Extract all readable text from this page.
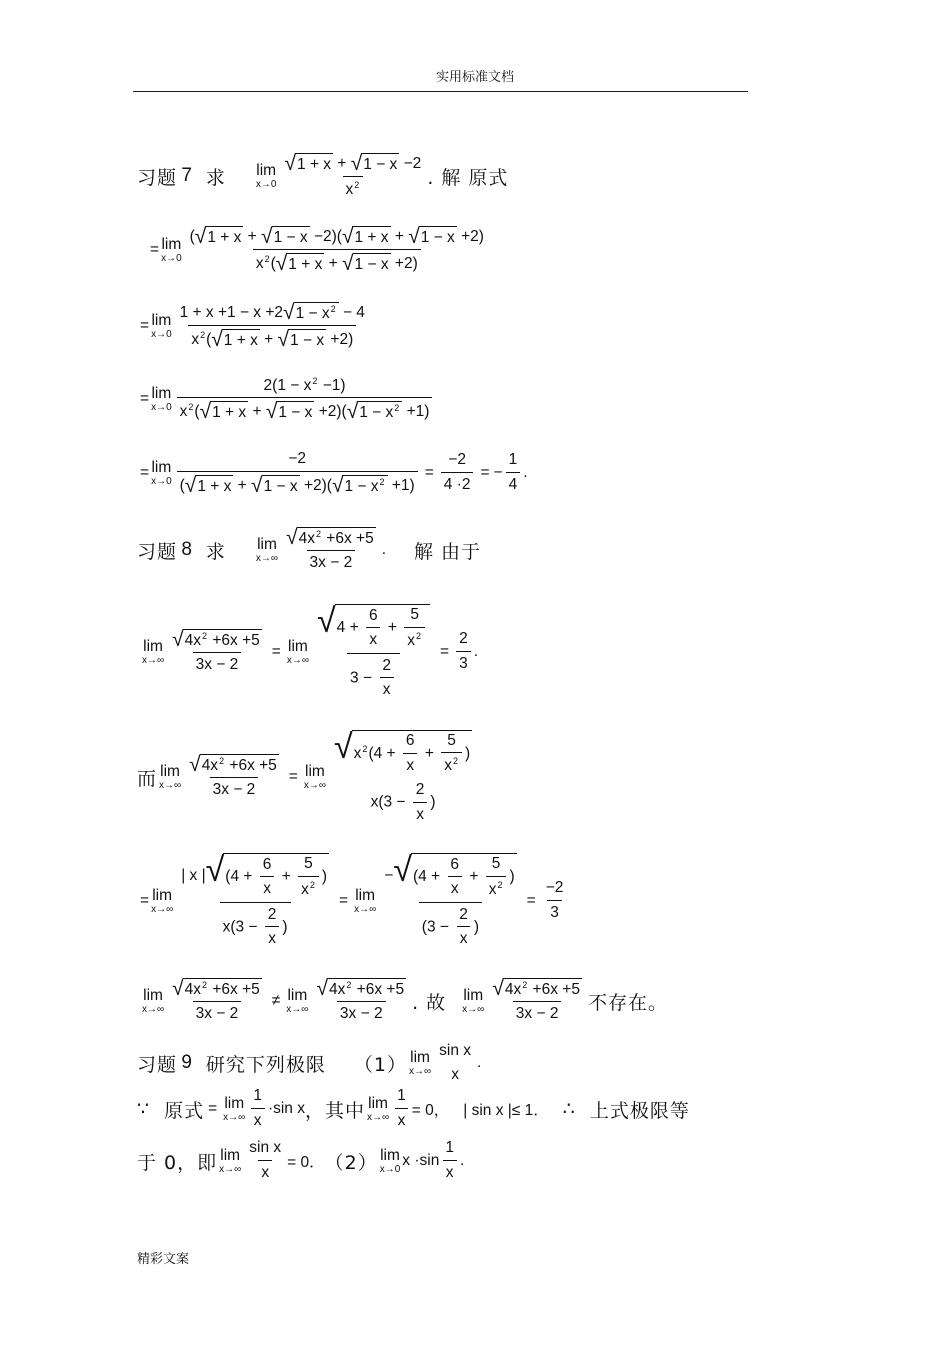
实用标准文档
习题
7 求 lim
$x\to 0 \frac{√ 1 + x + √ 1 - x -2}{x^2}$ . 解 原式
= lim
$x\to 0 \frac{( √ 1 + x + √ 1 - x -2)( √ 1 + x + √ 1 - x +2)}{x^2( √ 1 + x + √ 1 - x +2)}$
= lim
$x\to 0 \frac{1 + x +1 - x +2 √ 1 - x^2 - 4}{x^2( √ 1 + x + √ 1 - x +2)}$
= lim
$x\to 0 \frac{2(1 - x^2 -1)}{x^2( √ 1 + x + √ 1 - x +2)( √ 1 - x^2 +1)}$
= lim
$x\to 0 \frac{-2}{( √ 1 + x + √ 1 - x +2)( √ 1 - x^2 +1)} = \frac{-2}{4 \cdot 2}$ = − $\frac{1}{4}$ .
习题
8 求 lim
$x\to\infty \frac{√ 4x^2 +6x +5}{3x - 2}$ . 解 由于
lim
$x\to\infty \frac{√ 4x^2 +6x +5}{3x - 2} = \lim$
$x\to\infty \frac{√ 4 + \frac{6}{x} + \frac{5}{x^2}}{3 - \frac{2}{x}} = \frac{2}{3}$ .
而 lim
$x\to\infty \frac{√ 4x^2 +6x +5}{3x - 2} = \lim$
x→∞
√ $x^2(4 + \frac{6}{x} + \frac{5}{x^2}$ )
$x(3 - \frac{2}{x}$ )
= lim
$x\to\infty \frac{| x | √ (4 + \frac{6}{x} + \frac{5}{x^2} )}{x(3 - \frac{2}{x} )} = \lim$
$x\to\infty \frac{- √ (4 + \frac{6}{x} + \frac{5}{x^2} )}{(3 - \frac{2}{x} )} = \frac{-2}{3}$
lim
$x\to\infty \frac{√ 4x^2 +6x +5}{3x - 2} \ne \lim$
$x\to\infty \frac{√ 4x^2 +6x +5}{3x - 2}$ . 故 lim
$x\to\infty \frac{√ 4x^2 +6x +5}{3x - 2}$ 不存在。
习题
9 研究下列极限 （1） lim
x→∞
sin x
x
.
∵ 原式 = lim
$x\to\infty \frac{1}{x} \cdot\sin$ x ，其中 lim
$x\to\infty \frac{1}{x} = 0$， | sin x |≤ 1． ∴ 上式极限等
于 0，即 lim
$x\to\infty \frac{\text{sin x}}{x} = 0$． （2） lim
x→0
$x \cdot\sin \frac{1}{x}$ .
精彩文案
